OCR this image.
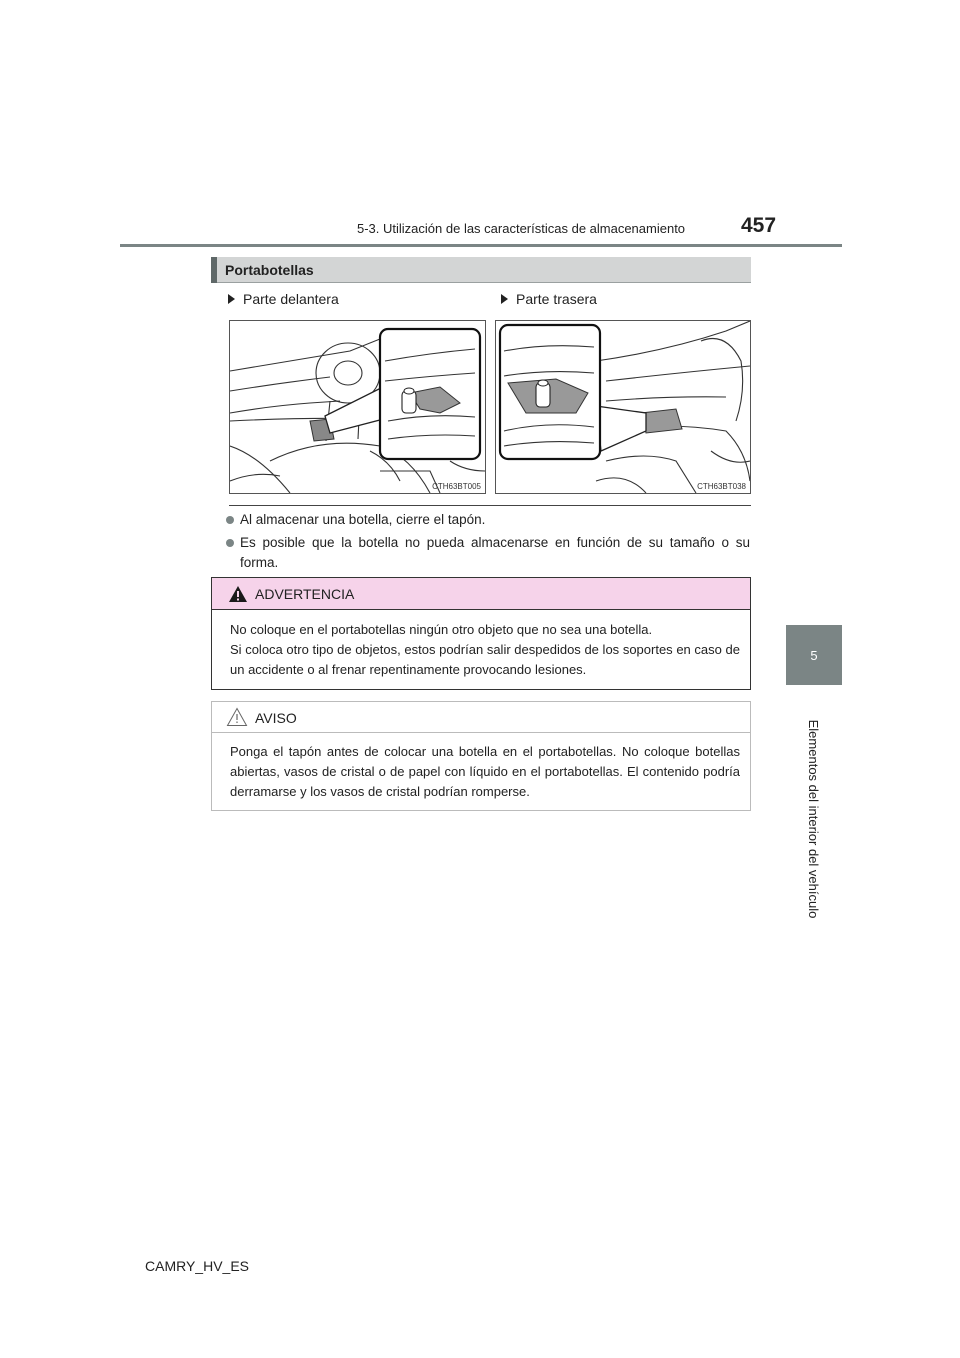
5-3. Utilización de las características de almacenamiento	457
5
Elementos del interior del vehículo
Portabotellas
Parte delantera	Parte trasera
CTH63BT005	CTH63BT038
Al almacenar una botella, cierre el tapón.
Es posible que la botella no pueda almacenarse en función de su tamaño o su forma.
ADVERTENCIA
No coloque en el portabotellas ningún otro objeto que no sea una botella.
Si coloca otro tipo de objetos, estos podrían salir despedidos de los soportes en caso de un accidente o al frenar repentinamente provocando lesiones.
AVISO
Ponga el tapón antes de colocar una botella en el portabotellas. No coloque botellas abiertas, vasos de cristal o de papel con líquido en el portabotellas. El contenido podría derramarse y los vasos de cristal podrían romperse.
CAMRY_HV_ES
